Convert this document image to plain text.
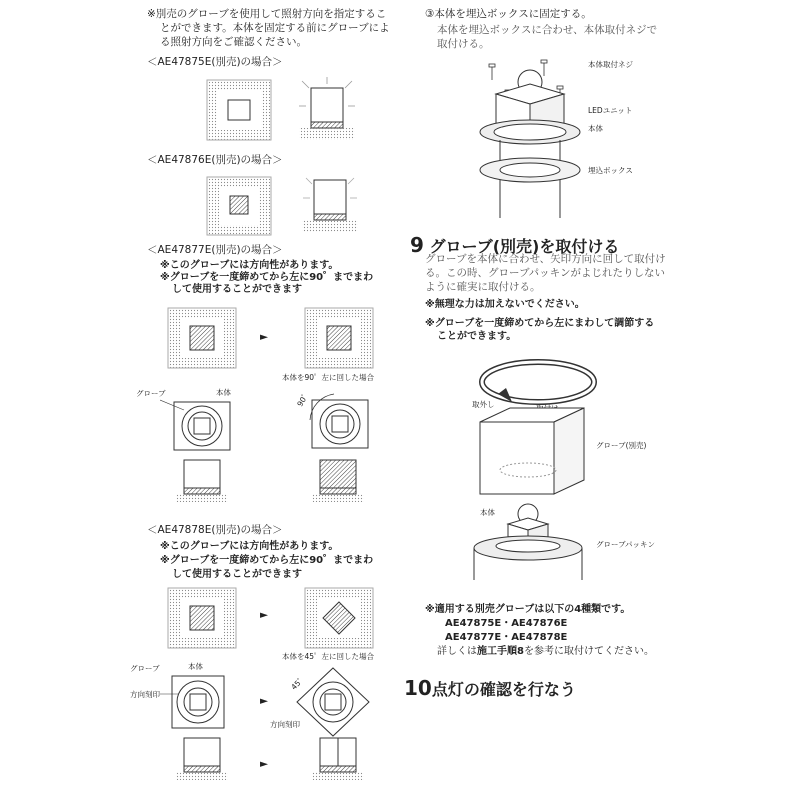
※別売のグローブを使用して照射方向を指定するこ
とができます。本体を固定する前にグローブによ
る照射方向をご確認ください。
＜AE47875E(別売)の場合＞
＜AE47876E(別売)の場合＞
＜AE47877E(別売)の場合＞
※このグローブには方向性があります。
※グローブを一度締めてから左に90゜までまわ
して使用することができます
►
本体を90゜左に回した場合
グローブ	本体	90゜
＜AE47878E(別売)の場合＞
※このグローブには方向性があります。
※グローブを一度締めてから左に90゜までまわ
して使用することができます
►
本体を45゜左に回した場合
グローブ	本体
方向刻印
►
45゜
方向刻印
►
③本体を埋込ボックスに固定する。
本体を埋込ボックスに合わせ、本体取付ネジで
取付ける。
本体取付ネジ
LEDユニット
本体
埋込ボックス
9 グローブ(別売)を取付ける
グローブを本体に合わせ、矢印方向に回して取付け
る。この時、グローブパッキンがよじれたりしない
ように確実に取付ける。
※無理な力は加えないでください。
※グローブを一度締めてから左にまわして調節する
ことができます。
取外し
グローブ(別売)
本体
グローブパッキン
※適用する別売グローブは以下の4種類です。
AE47875E・AE47876E
AE47877E・AE47878E
詳しくは施工手順8を参考に取付けてください。
10点灯の確認を行なう
